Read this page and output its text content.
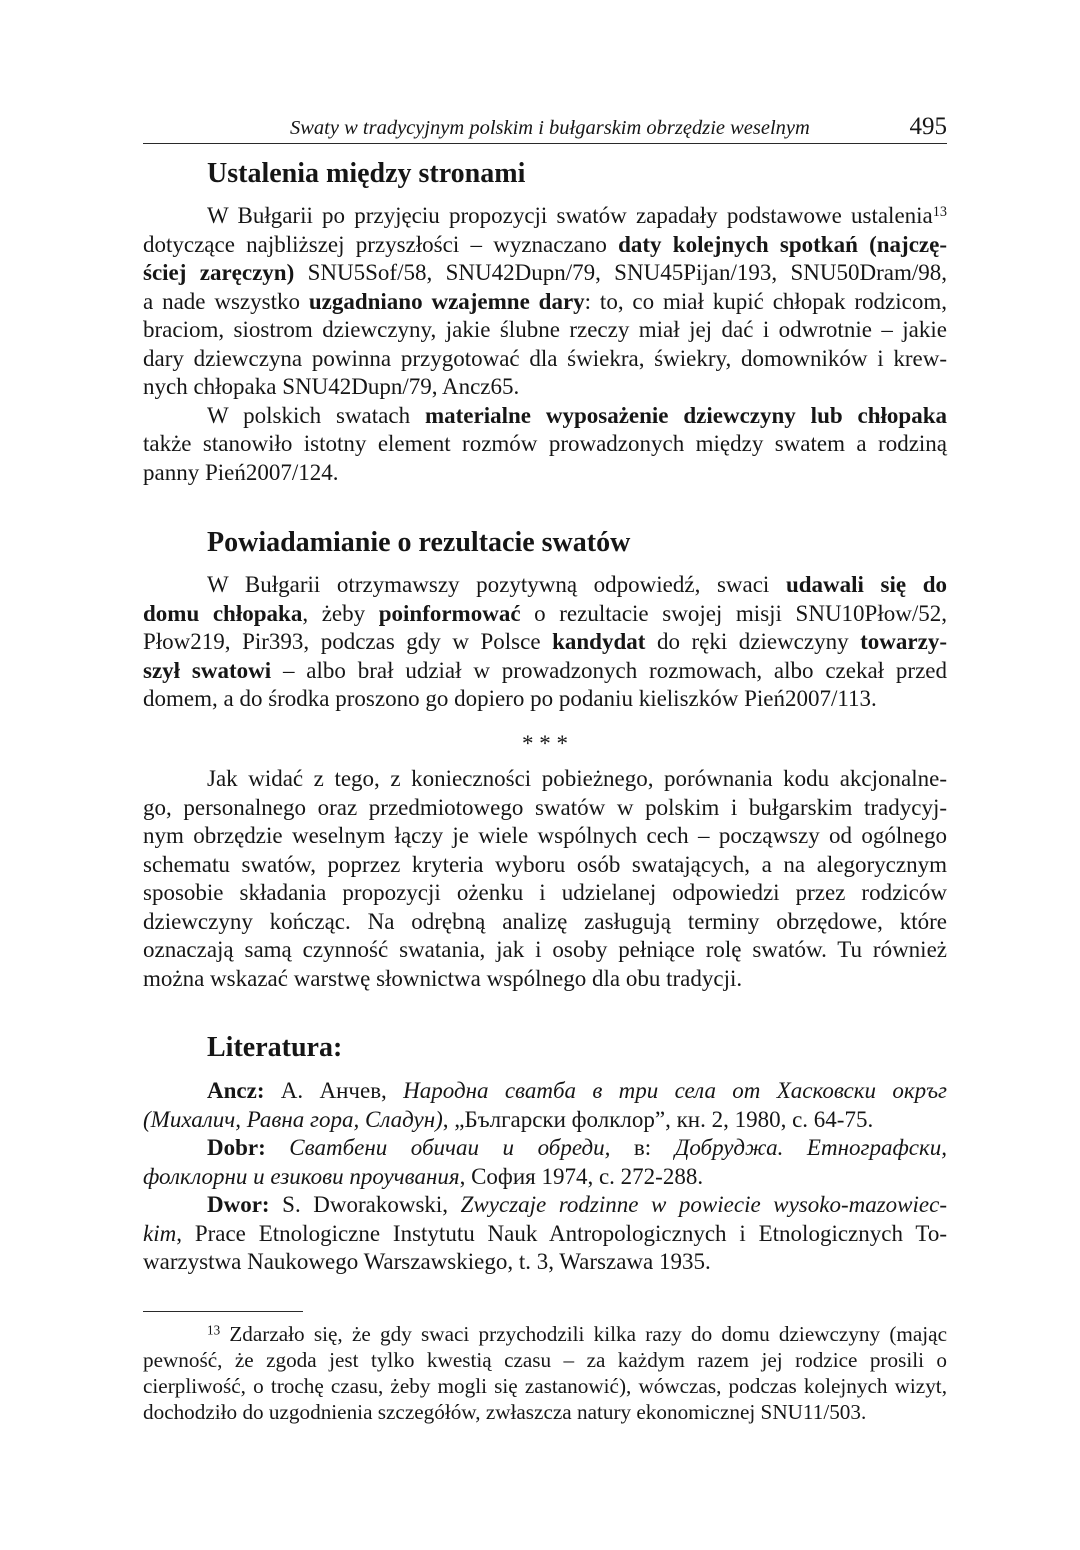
Swaty w tradycyjnym polskim i bułgarskim obrzędzie weselnym	495
Ustalenia między stronami
W Bułgarii po przyjęciu propozycji swatów zapadały podstawowe ustalenia$^{13}$
dotyczące najbliższej przyszłości – wyznaczano daty kolejnych spotkań (najczę-
ściej zaręczyn) SNU5Sof/58, SNU42Dupn/79, SNU45Pijan/193, SNU50Dram/98,
a nade wszystko uzgadniano wzajemne dary: to, co miał kupić chłopak rodzicom,
braciom, siostrom dziewczyny, jakie ślubne rzeczy miał jej dać i odwrotnie – jakie
dary dziewczyna powinna przygotować dla świekra, świekry, domowników i krew-
nych chłopaka SNU42Dupn/79, Ancz65.
W polskich swatach materialne wyposażenie dziewczyny lub chłopaka
także stanowiło istotny element rozmów prowadzonych między swatem a rodziną
panny Pień2007/124.
Powiadamianie o rezultacie swatów
W Bułgarii otrzymawszy pozytywną odpowiedź, swaci udawali się do
domu chłopaka, żeby poinformować o rezultacie swojej misji SNU10Płow/52,
Płow219, Pir393, podczas gdy w Polsce kandydat do ręki dziewczyny towarzy-
szył swatowi – albo brał udział w prowadzonych rozmowach, albo czekał przed
domem, a do środka proszono go dopiero po podaniu kieliszków Pień2007/113.
* * *
Jak widać z tego, z konieczności pobieżnego, porównania kodu akcjonalne-
go, personalnego oraz przedmiotowego swatów w polskim i bułgarskim tradycyj-
nym obrzędzie weselnym łączy je wiele wspólnych cech – począwszy od ogólnego
schematu swatów, poprzez kryteria wyboru osób swatających, a na alegorycznym
sposobie składania propozycji ożenku i udzielanej odpowiedzi przez rodziców
dziewczyny kończąc. Na odrębną analizę zasługują terminy obrzędowe, które
oznaczają samą czynność swatania, jak i osoby pełniące rolę swatów. Tu również
można wskazać warstwę słownictwa wspólnego dla obu tradycji.
Literatura:
Ancz: А. Анчев, Народна сватба в три села от Хасковски окръг
(Михалич, Равна гора, Сладун), „Български фолклор”, кн. 2, 1980, с. 64-75.
Dobr: Сватбени обичаи и обреди, в: Добруджа. Етнографски,
фолклорни и езикови проучвания, София 1974, с. 272-288.
Dwor: S. Dworakowski, Zwyczaje rodzinne w powiecie wysoko-mazowiec-
kim, Prace Etnologiczne Instytutu Nauk Antropologicznych i Etnologicznych To-
warzystwa Naukowego Warszawskiego, t. 3, Warszawa 1935.
$^{13}$ Zdarzało się, że gdy swaci przychodzili kilka razy do domu dziewczyny (mając
pewność, że zgoda jest tylko kwestią czasu – za każdym razem jej rodzice prosili o
cierpliwość, o trochę czasu, żeby mogli się zastanowić), wówczas, podczas kolejnych wizyt,
dochodziło do uzgodnienia szczegółów, zwłaszcza natury ekonomicznej SNU11/503.
